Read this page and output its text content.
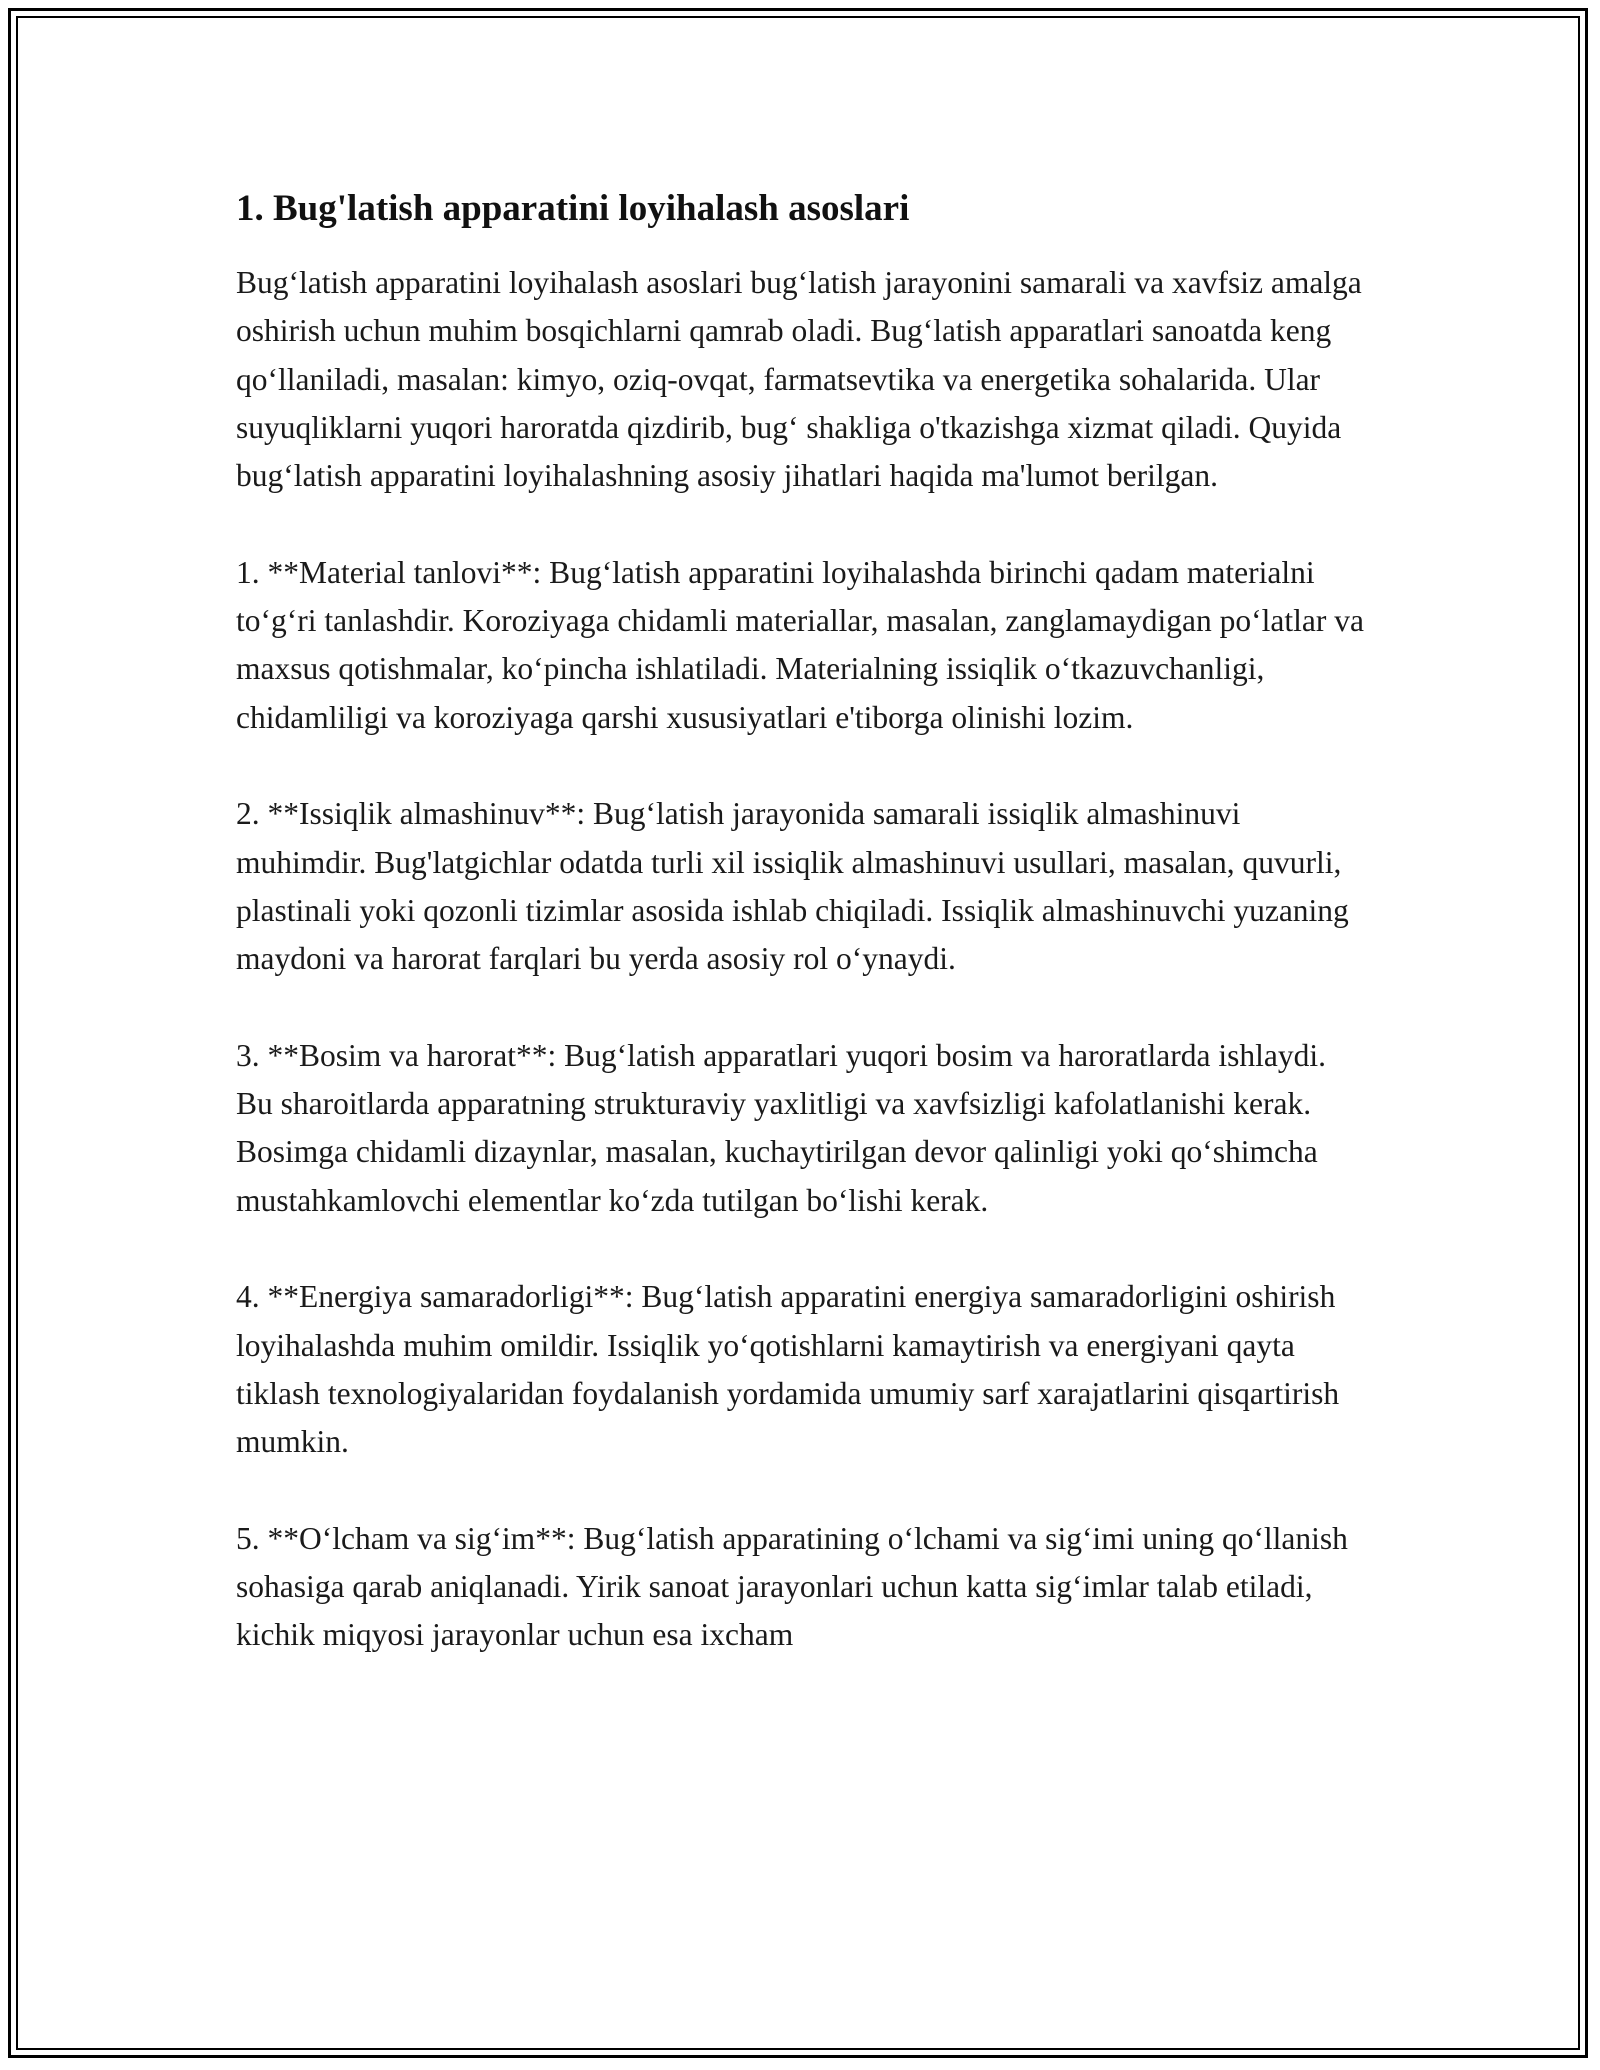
1. Bug'latish apparatini loyihalash asoslari

Bug‘latish apparatini loyihalash asoslari bug‘latish jarayonini samarali va xavfsiz amalga oshirish uchun muhim bosqichlarni qamrab oladi. Bug‘latish apparatlari sanoatda keng qo‘llaniladi, masalan: kimyo, oziq-ovqat, farmatsevtika va energetika sohalarida. Ular suyuqliklarni yuqori haroratda qizdirib, bug‘ shakliga o'tkazishga xizmat qiladi. Quyida bug‘latish apparatini loyihalashning asosiy jihatlari haqida ma'lumot berilgan.

1. **Material tanlovi**: Bug‘latish apparatini loyihalashda birinchi qadam materialni to‘g‘ri tanlashdir. Koroziyaga chidamli materiallar, masalan, zanglamaydigan po‘latlar va maxsus qotishmalar, ko‘pincha ishlatiladi. Materialning issiqlik o‘tkazuvchanligi, chidamliligi va koroziyaga qarshi xususiyatlari e'tiborga olinishi lozim.

2. **Issiqlik almashinuv**: Bug‘latish jarayonida samarali issiqlik almashinuvi muhimdir. Bug'latgichlar odatda turli xil issiqlik almashinuvi usullari, masalan, quvurli, plastinali yoki qozonli tizimlar asosida ishlab chiqiladi. Issiqlik almashinuvchi yuzaning maydoni va harorat farqlari bu yerda asosiy rol o‘ynaydi.

3. **Bosim va harorat**: Bug‘latish apparatlari yuqori bosim va haroratlarda ishlaydi. Bu sharoitlarda apparatning strukturaviy yaxlitligi va xavfsizligi kafolatlanishi kerak. Bosimga chidamli dizaynlar, masalan, kuchaytirilgan devor qalinligi yoki qo‘shimcha mustahkamlovchi elementlar ko‘zda tutilgan bo‘lishi kerak.

4. **Energiya samaradorligi**: Bug‘latish apparatini energiya samaradorligini oshirish loyihalashda muhim omildir. Issiqlik yo‘qotishlarni kamaytirish va energiyani qayta tiklash texnologiyalaridan foydalanish yordamida umumiy sarf xarajatlarini qisqartirish mumkin.

5. **O‘lcham va sig‘im**: Bug‘latish apparatining o‘lchami va sig‘imi uning qo‘llanish sohasiga qarab aniqlanadi. Yirik sanoat jarayonlari uchun katta sig‘imlar talab etiladi, kichik miqyosi jarayonlar uchun esa ixcham
